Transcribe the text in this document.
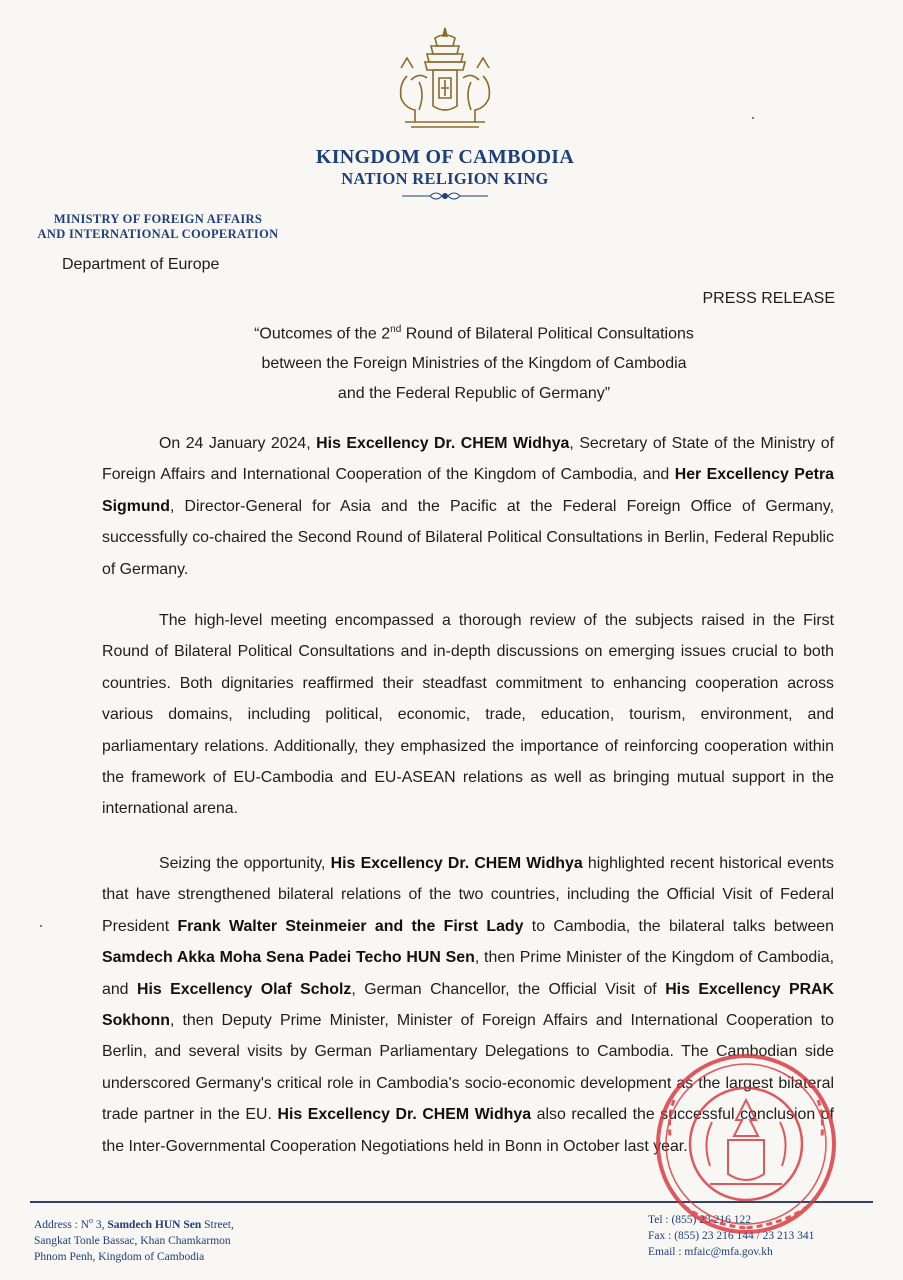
KINGDOM OF CAMBODIA
NATION RELIGION KING
MINISTRY OF FOREIGN AFFAIRS
AND INTERNATIONAL COOPERATION
Department of Europe
PRESS RELEASE
“Outcomes of the 2nd Round of Bilateral Political Consultations
between the Foreign Ministries of the Kingdom of Cambodia
and the Federal Republic of Germany”

On 24 January 2024, His Excellency Dr. CHEM Widhya, Secretary of State of the Ministry of Foreign Affairs and International Cooperation of the Kingdom of Cambodia, and Her Excellency Petra Sigmund, Director-General for Asia and the Pacific at the Federal Foreign Office of Germany, successfully co-chaired the Second Round of Bilateral Political Consultations in Berlin, Federal Republic of Germany.

The high-level meeting encompassed a thorough review of the subjects raised in the First Round of Bilateral Political Consultations and in-depth discussions on emerging issues crucial to both countries. Both dignitaries reaffirmed their steadfast commitment to enhancing cooperation across various domains, including political, economic, trade, education, tourism, environment, and parliamentary relations. Additionally, they emphasized the importance of reinforcing cooperation within the framework of EU-Cambodia and EU-ASEAN relations as well as bringing mutual support in the international arena.

Seizing the opportunity, His Excellency Dr. CHEM Widhya highlighted recent historical events that have strengthened bilateral relations of the two countries, including the Official Visit of Federal President Frank Walter Steinmeier and the First Lady to Cambodia, the bilateral talks between Samdech Akka Moha Sena Padei Techo HUN Sen, then Prime Minister of the Kingdom of Cambodia, and His Excellency Olaf Scholz, German Chancellor, the Official Visit of His Excellency PRAK Sokhonn, then Deputy Prime Minister, Minister of Foreign Affairs and International Cooperation to Berlin, and several visits by German Parliamentary Delegations to Cambodia. The Cambodian side underscored Germany's critical role in Cambodia's socio-economic development as the largest bilateral trade partner in the EU. His Excellency Dr. CHEM Widhya also recalled the successful conclusion of the Inter-Governmental Cooperation Negotiations held in Bonn in October last year.

Address : $N^o$ 3, Samdech HUN Sen Street,
Sangkat Tonle Bassac, Khan Chamkarmon
Phnom Penh, Kingdom of Cambodia
Tel : (855) 23 216 122
Fax : (855) 23 216 144 / 23 213 341
Email : mfaic@mfa.gov.kh
